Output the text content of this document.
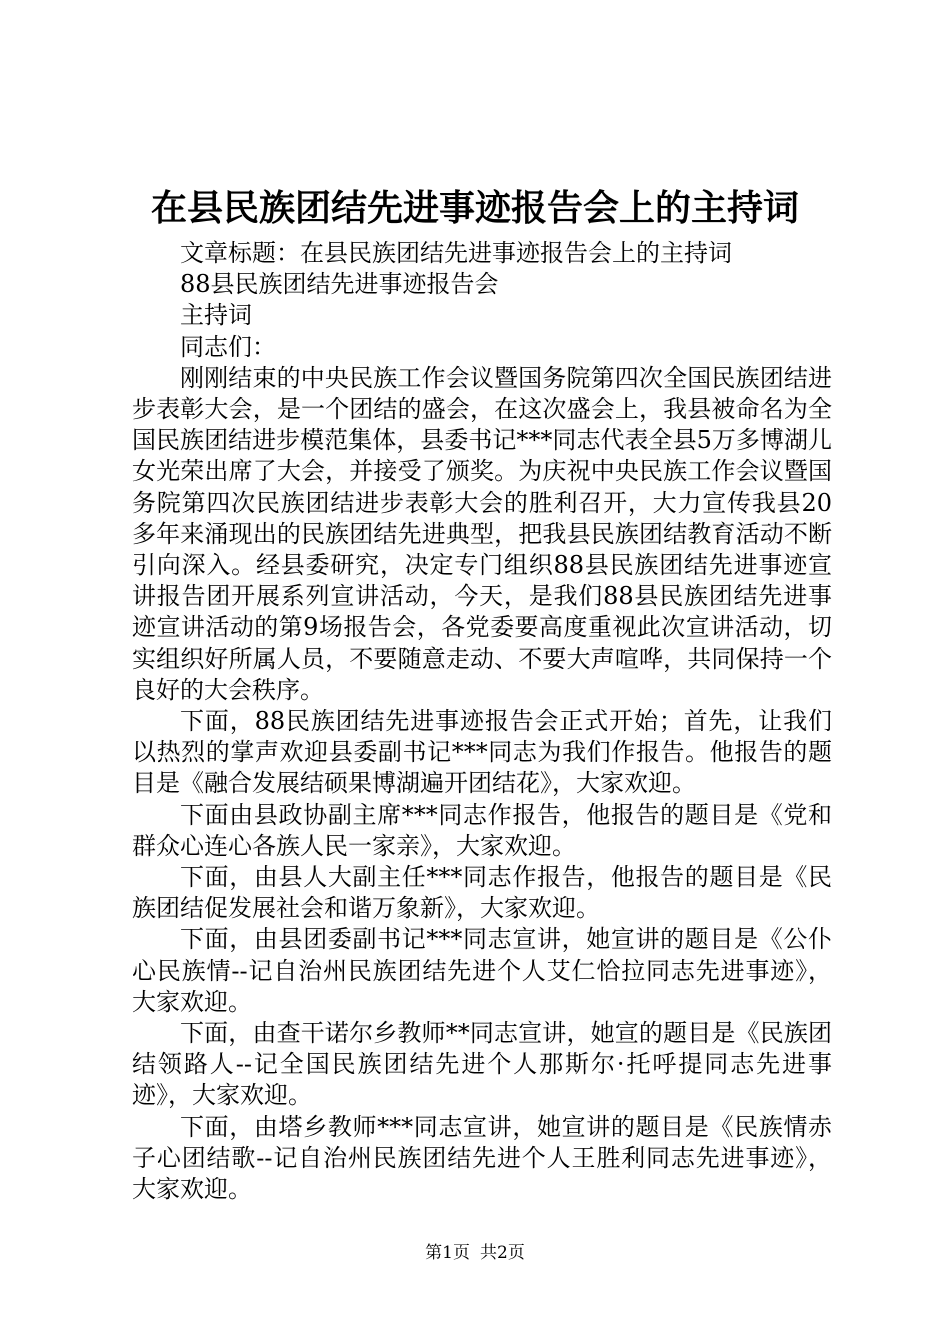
在县民族团结先进事迹报告会上的主持词

文章标题：在县民族团结先进事迹报告会上的主持词

88县民族团结先进事迹报告会

主持词

同志们：

刚刚结束的中央民族工作会议暨国务院第四次全国民族团结进步表彰大会，是一个团结的盛会，在这次盛会上，我县被命名为全国民族团结进步模范集体，县委书记***同志代表全县5万多博湖儿女光荣出席了大会，并接受了颁奖。为庆祝中央民族工作会议暨国务院第四次民族团结进步表彰大会的胜利召开，大力宣传我县20多年来涌现出的民族团结先进典型，把我县民族团结教育活动不断引向深入。经县委研究，决定专门组织88县民族团结先进事迹宣讲报告团开展系列宣讲活动，今天，是我们88县民族团结先进事迹宣讲活动的第9场报告会，各党委要高度重视此次宣讲活动，切实组织好所属人员，不要随意走动、不要大声喧哗，共同保持一个良好的大会秩序。

下面，88民族团结先进事迹报告会正式开始；首先，让我们以热烈的掌声欢迎县委副书记***同志为我们作报告。他报告的题目是《融合发展结硕果博湖遍开团结花》，大家欢迎。

下面由县政协副主席***同志作报告，他报告的题目是《党和群众心连心各族人民一家亲》，大家欢迎。

下面，由县人大副主任***同志作报告，他报告的题目是《民族团结促发展社会和谐万象新》，大家欢迎。

下面，由县团委副书记***同志宣讲，她宣讲的题目是《公仆心民族情--记自治州民族团结先进个人艾仁恰拉同志先进事迹》，大家欢迎。

下面，由查干诺尔乡教师**同志宣讲，她宣的题目是《民族团结领路人--记全国民族团结先进个人那斯尔·托呼提同志先进事迹》，大家欢迎。

下面，由塔乡教师***同志宣讲，她宣讲的题目是《民族情赤子心团结歌--记自治州民族团结先进个人王胜利同志先进事迹》，大家欢迎。

第1页 共2页
